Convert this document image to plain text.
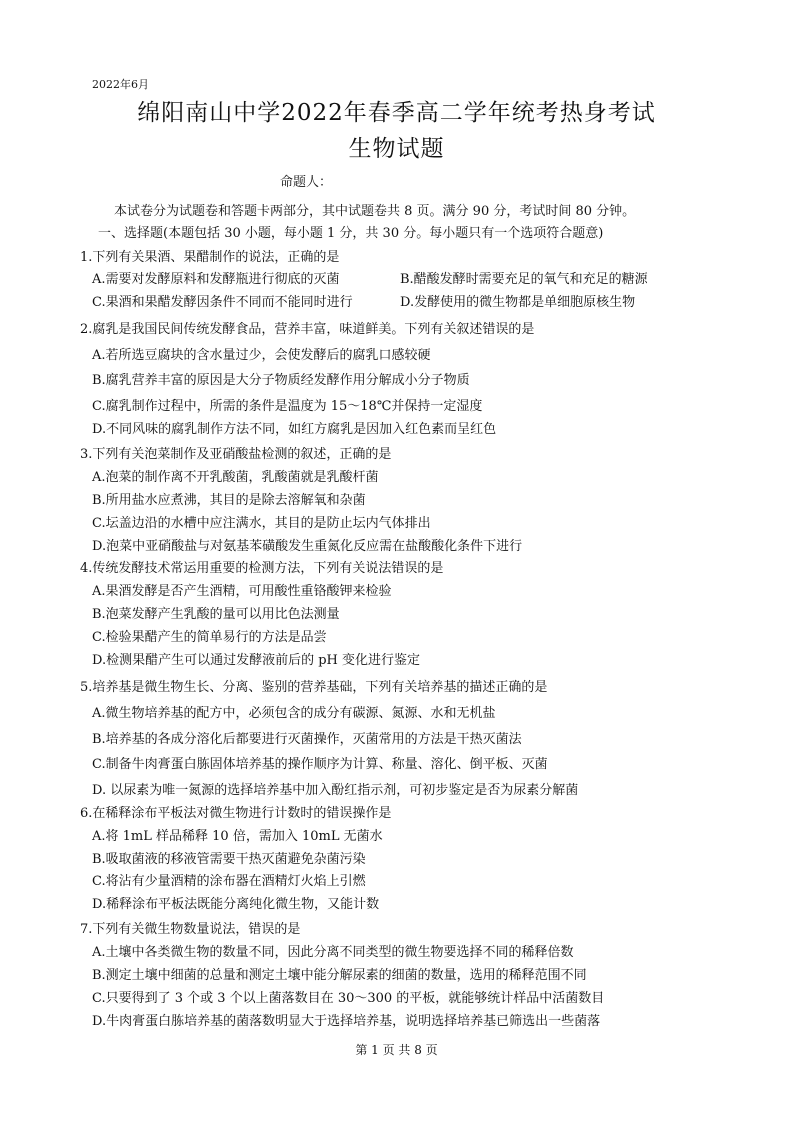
2022年6月
绵阳南山中学2022年春季高二学年统考热身考试
生物试题
命题人：
本试卷分为试题卷和答题卡两部分，其中试题卷共 8 页。满分 90 分，考试时间 80 分钟。
一、选择题(本题包括 30 小题，每小题 1 分，共 30 分。每小题只有一个选项符合题意)
1.下列有关果酒、果醋制作的说法，正确的是
A.需要对发酵原料和发酵瓶进行彻底的灭菌	B.醋酸发酵时需要充足的氧气和充足的糖源
C.果酒和果醋发酵因条件不同而不能同时进行	D.发酵使用的微生物都是单细胞原核生物
2.腐乳是我国民间传统发酵食品，营养丰富，味道鲜美。下列有关叙述错误的是
A.若所选豆腐块的含水量过少，会使发酵后的腐乳口感较硬
B.腐乳营养丰富的原因是大分子物质经发酵作用分解成小分子物质
C.腐乳制作过程中，所需的条件是温度为 15～18℃并保持一定湿度
D.不同风味的腐乳制作方法不同，如红方腐乳是因加入红色素而呈红色
3.下列有关泡菜制作及亚硝酸盐检测的叙述，正确的是
A.泡菜的制作离不开乳酸菌，乳酸菌就是乳酸杆菌
B.所用盐水应煮沸，其目的是除去溶解氧和杂菌
C.坛盖边沿的水槽中应注满水，其目的是防止坛内气体排出
D.泡菜中亚硝酸盐与对氨基苯磺酸发生重氮化反应需在盐酸酸化条件下进行
4.传统发酵技术常运用重要的检测方法，下列有关说法错误的是
A.果酒发酵是否产生酒精，可用酸性重铬酸钾来检验
B.泡菜发酵产生乳酸的量可以用比色法测量
C.检验果醋产生的简单易行的方法是品尝
D.检测果醋产生可以通过发酵液前后的 pH 变化进行鉴定
5.培养基是微生物生长、分离、鉴别的营养基础，下列有关培养基的描述正确的是
A.微生物培养基的配方中，必须包含的成分有碳源、氮源、水和无机盐
B.培养基的各成分溶化后都要进行灭菌操作，灭菌常用的方法是干热灭菌法
C.制备牛肉膏蛋白胨固体培养基的操作顺序为计算、称量、溶化、倒平板、灭菌
D. 以尿素为唯一氮源的选择培养基中加入酚红指示剂，可初步鉴定是否为尿素分解菌
6.在稀释涂布平板法对微生物进行计数时的错误操作是
A.将 1mL 样品稀释 10 倍，需加入 10mL 无菌水
B.吸取菌液的移液管需要干热灭菌避免杂菌污染
C.将沾有少量酒精的涂布器在酒精灯火焰上引燃
D.稀释涂布平板法既能分离纯化微生物，又能计数
7.下列有关微生物数量说法，错误的是
A.土壤中各类微生物的数量不同，因此分离不同类型的微生物要选择不同的稀释倍数
B.测定土壤中细菌的总量和测定土壤中能分解尿素的细菌的数量，选用的稀释范围不同
C.只要得到了 3 个或 3 个以上菌落数目在 30～300 的平板，就能够统计样品中活菌数目
D.牛肉膏蛋白胨培养基的菌落数明显大于选择培养基，说明选择培养基已筛选出一些菌落
第 1 页 共 8 页
